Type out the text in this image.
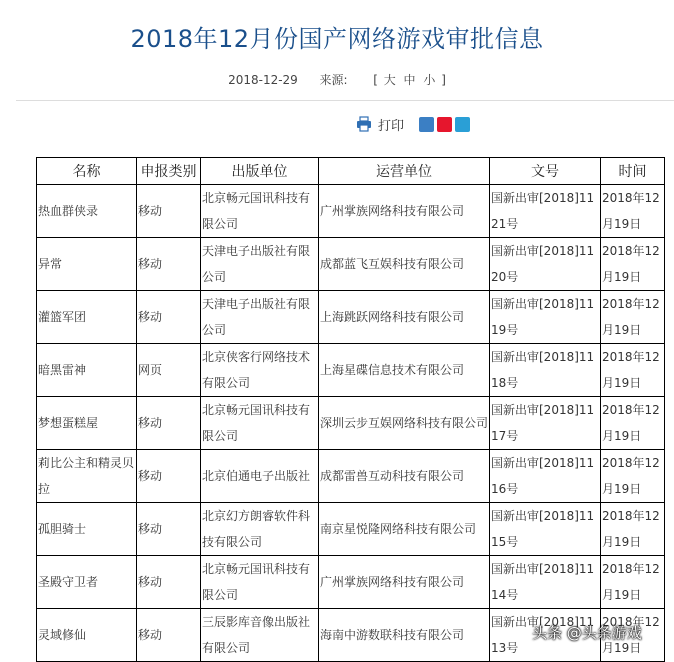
2018年12月份国产网络游戏审批信息
2018-12-29 来源: [ 大 中 小 ]
打印
名称	申报类别	出版单位	运营单位	文号	时间
热血群侠录	移动	北京畅元国讯科技有限公司	广州掌族网络科技有限公司	国新出审[2018]1121号	2018年12月19日
异常	移动	天津电子出版社有限公司	成都蓝飞互娱科技有限公司	国新出审[2018]1120号	2018年12月19日
灌篮军团	移动	天津电子出版社有限公司	上海跳跃网络科技有限公司	国新出审[2018]1119号	2018年12月19日
暗黑雷神	网页	北京侠客行网络技术有限公司	上海星碟信息技术有限公司	国新出审[2018]1118号	2018年12月19日
梦想蛋糕屋	移动	北京畅元国讯科技有限公司	深圳云步互娱网络科技有限公司	国新出审[2018]1117号	2018年12月19日
莉比公主和精灵贝拉	移动	北京伯通电子出版社	成都雷兽互动科技有限公司	国新出审[2018]1116号	2018年12月19日
孤胆骑士	移动	北京幻方朗睿软件科技有限公司	南京星悦隆网络科技有限公司	国新出审[2018]1115号	2018年12月19日
圣殿守卫者	移动	北京畅元国讯科技有限公司	广州掌族网络科技有限公司	国新出审[2018]1114号	2018年12月19日
灵域修仙	移动	三辰影库音像出版社有限公司	海南中游数联科技有限公司	国新出审[2018]1113号	2018年12月19日
头条 @头条游戏
